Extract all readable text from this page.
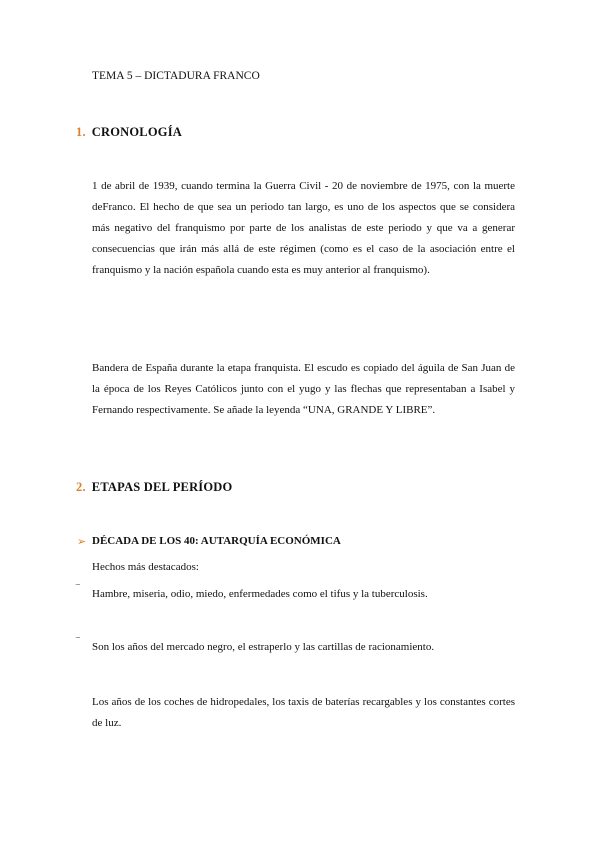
TEMA 5 – DICTADURA FRANCO
1. CRONOLOGÍA
1 de abril de 1939, cuando termina la Guerra Civil - 20 de noviembre de 1975, con la muerte deFranco. El hecho de que sea un periodo tan largo, es uno de los aspectos que se considera más negativo del franquismo por parte de los analistas de este periodo y que va a generar consecuencias que irán más allá de este régimen (como es el caso de la asociación entre el franquismo y la nación española cuando esta es muy anterior al franquismo).
Bandera de España durante la etapa franquista. El escudo es copiado del águila de San Juan de la época de los Reyes Católicos junto con el yugo y las flechas que representaban a Isabel y Fernando respectivamente. Se añade la leyenda “UNA, GRANDE Y LIBRE”.
2. ETAPAS DEL PERÍODO
➢ DÉCADA DE LOS 40: AUTARQUÍA ECONÓMICA
Hechos más destacados:
‾ Hambre, miseria, odio, miedo, enfermedades como el tifus y la tuberculosis.
‾ Son los años del mercado negro, el estraperlo y las cartillas de racionamiento.
Los años de los coches de hidropedales, los taxis de baterías recargables y los constantes cortes de luz.
